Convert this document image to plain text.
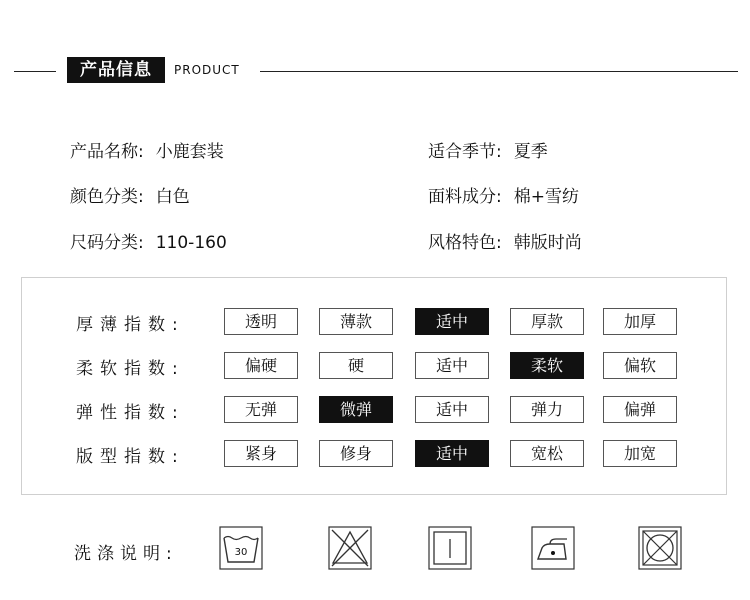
产品信息	PRODUCT
产品名称: 小鹿套装
颜色分类: 白色
尺码分类: 110-160
适合季节: 夏季
面料成分: 棉+雪纺
风格特色: 韩版时尚
厚薄指数:	透明	薄款	适中	厚款	加厚
柔软指数:	偏硬	硬	适中	柔软	偏软
弹性指数:	无弹	微弹	适中	弹力	偏弹
版型指数:	紧身	修身	适中	宽松	加宽
洗涤说明:	30
